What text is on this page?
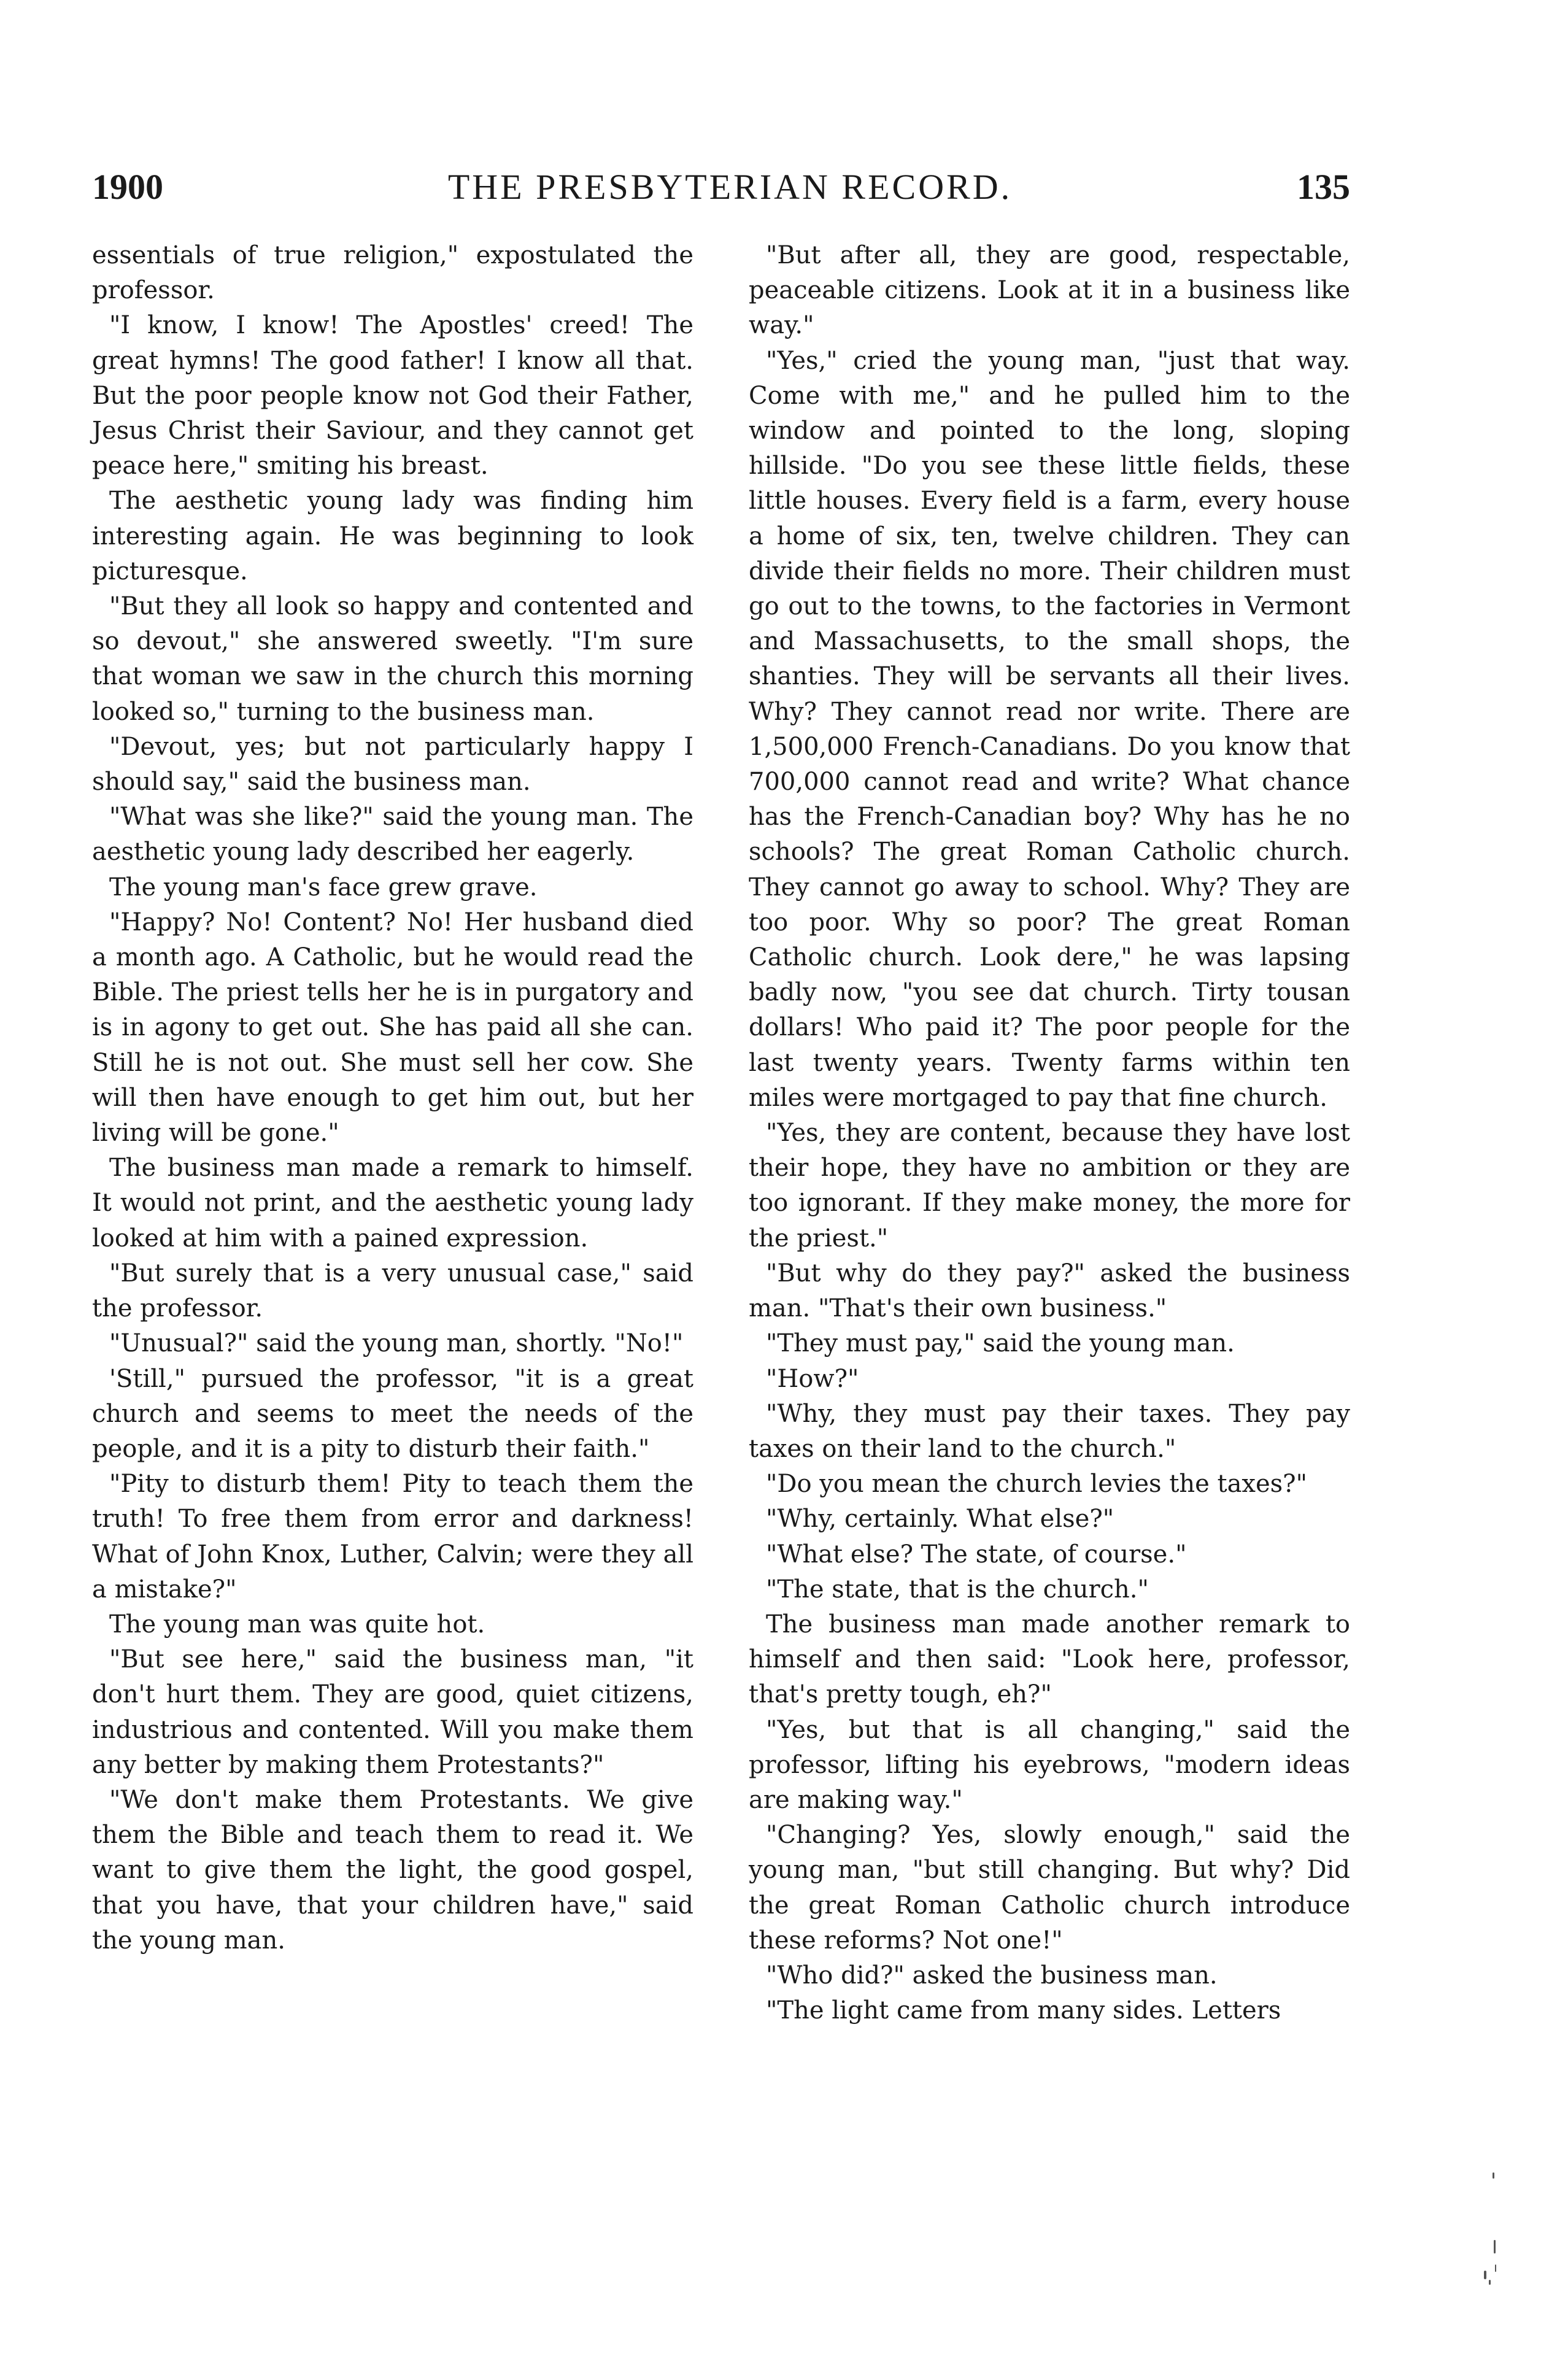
1900	THE PRESBYTERIAN RECORD.	135

essentials of true religion," expostulated the professor.

"I know, I know! The Apostles' creed! The great hymns! The good father! I know all that. But the poor people know not God their Father, Jesus Christ their Saviour, and they cannot get peace here," smiting his breast.

The aesthetic young lady was finding him interesting again. He was beginning to look picturesque.

"But they all look so happy and contented and so devout," she answered sweetly. "I'm sure that woman we saw in the church this morning looked so," turning to the business man.

"Devout, yes; but not particularly happy I should say," said the business man.

"What was she like?" said the young man. The aesthetic young lady described her eagerly.

The young man's face grew grave.

"Happy? No! Content? No! Her husband died a month ago. A Catholic, but he would read the Bible. The priest tells her he is in purgatory and is in agony to get out. She has paid all she can. Still he is not out. She must sell her cow. She will then have enough to get him out, but her living will be gone."

The business man made a remark to himself. It would not print, and the aesthetic young lady looked at him with a pained expression.

"But surely that is a very unusual case," said the professor.

"Unusual?" said the young man, shortly. "No!"

'Still," pursued the professor, "it is a great church and seems to meet the needs of the people, and it is a pity to disturb their faith."

"Pity to disturb them! Pity to teach them the truth! To free them from error and darkness! What of John Knox, Luther, Calvin; were they all a mistake?"

The young man was quite hot.

"But see here," said the business man, "it don't hurt them. They are good, quiet citizens, industrious and contented. Will you make them any better by making them Protestants?"

"We don't make them Protestants. We give them the Bible and teach them to read it. We want to give them the light, the good gospel, that you have, that your children have," said the young man.

"But after all, they are good, respectable, peaceable citizens. Look at it in a business like way."

"Yes," cried the young man, "just that way. Come with me," and he pulled him to the window and pointed to the long, sloping hillside. "Do you see these little fields, these little houses. Every field is a farm, every house a home of six, ten, twelve children. They can divide their fields no more. Their children must go out to the towns, to the factories in Vermont and Massachusetts, to the small shops, the shanties. They will be servants all their lives. Why? They cannot read nor write. There are 1,500,000 French-Canadians. Do you know that 700,000 cannot read and write? What chance has the French-Canadian boy? Why has he no schools? The great Roman Catholic church. They cannot go away to school. Why? They are too poor. Why so poor? The great Roman Catholic church. Look dere," he was lapsing badly now, "you see dat church. Tirty tousan dollars! Who paid it? The poor people for the last twenty years. Twenty farms within ten miles were mortgaged to pay that fine church.

"Yes, they are content, because they have lost their hope, they have no ambition or they are too ignorant. If they make money, the more for the priest."

"But why do they pay?" asked the business man. "That's their own business."

"They must pay," said the young man.

"How?"

"Why, they must pay their taxes. They pay taxes on their land to the church."

"Do you mean the church levies the taxes?"

"Why, certainly. What else?"

"What else? The state, of course."

"The state, that is the church."

The business man made another remark to himself and then said: "Look here, professor, that's pretty tough, eh?"

"Yes, but that is all changing," said the professor, lifting his eyebrows, "modern ideas are making way."

"Changing? Yes, slowly enough," said the young man, "but still changing. But why? Did the great Roman Catholic church introduce these reforms? Not one!"

"Who did?" asked the business man.

"The light came from many sides. Letters
